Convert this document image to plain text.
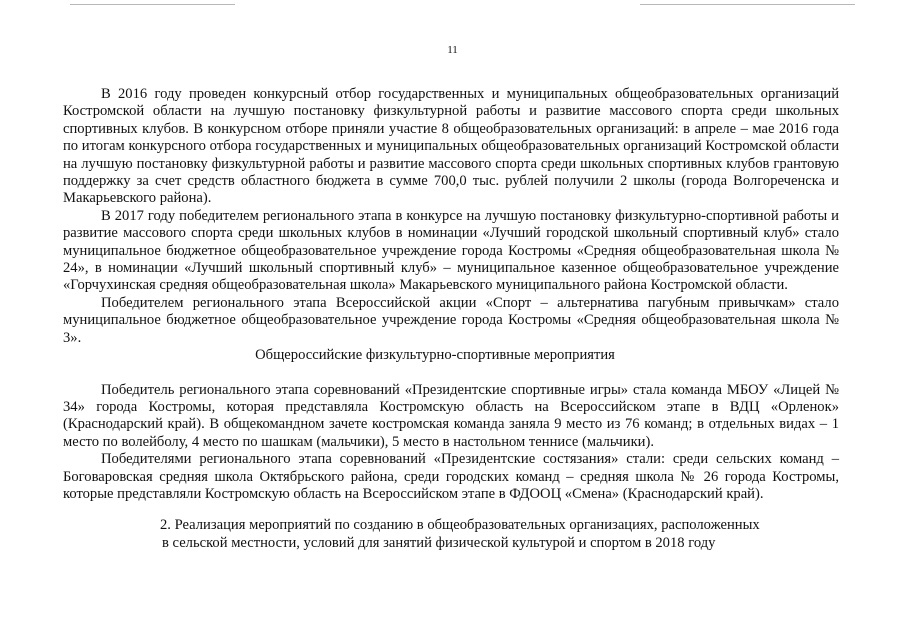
11

В 2016 году проведен конкурсный отбор государственных и муниципальных общеобразовательных организаций Костромской области на лучшую постановку физкультурной работы и развитие массового спорта среди школьных спортивных клубов. В конкурсном отборе приняли участие 8 общеобразовательных организаций: в апреле – мае 2016 года по итогам конкурсного отбора государственных и муниципальных общеобразовательных организаций Костромской области на лучшую постановку физкультурной работы и развитие массового спорта среди школьных спортивных клубов грантовую поддержку за счет средств областного бюджета в сумме 700,0 тыс. рублей получили 2 школы (города Волгореченска и Макарьевского района).

В 2017 году победителем регионального этапа в конкурсе на лучшую постановку физкультурно-спортивной работы и развитие массового спорта среди школьных клубов в номинации «Лучший городской школьный спортивный клуб» стало муниципальное бюджетное общеобразовательное учреждение города Костромы «Средняя общеобразовательная школа № 24», в номинации «Лучший школьный спортивный клуб» – муниципальное казенное общеобразовательное учреждение «Горчухинская средняя общеобразовательная школа» Макарьевского муниципального района Костромской области.

Победителем регионального этапа Всероссийской акции «Спорт – альтернатива пагубным привычкам» стало муниципальное бюджетное общеобразовательное учреждение города Костромы «Средняя общеобразовательная школа № 3».

Общероссийские физкультурно-спортивные мероприятия

Победитель регионального этапа соревнований «Президентские спортивные игры» стала команда МБОУ «Лицей № 34» города Костромы, которая представляла Костромскую область на Всероссийском этапе в ВДЦ «Орленок» (Краснодарский край). В общекомандном зачете костромская команда заняла 9 место из 76 команд; в отдельных видах – 1 место по волейболу, 4 место по шашкам (мальчики), 5 место в настольном теннисе (мальчики).

Победителями регионального этапа соревнований «Президентские состязания» стали: среди сельских команд – Боговаровская средняя школа Октябрьского района, среди городских команд – средняя школа № 26 города Костромы, которые представляли Костромскую область на Всероссийском этапе в ФДООЦ «Смена» (Краснодарский край).

2. Реализация мероприятий по созданию в общеобразовательных организациях, расположенных
в сельской местности, условий для занятий физической культурой и спортом в 2018 году
